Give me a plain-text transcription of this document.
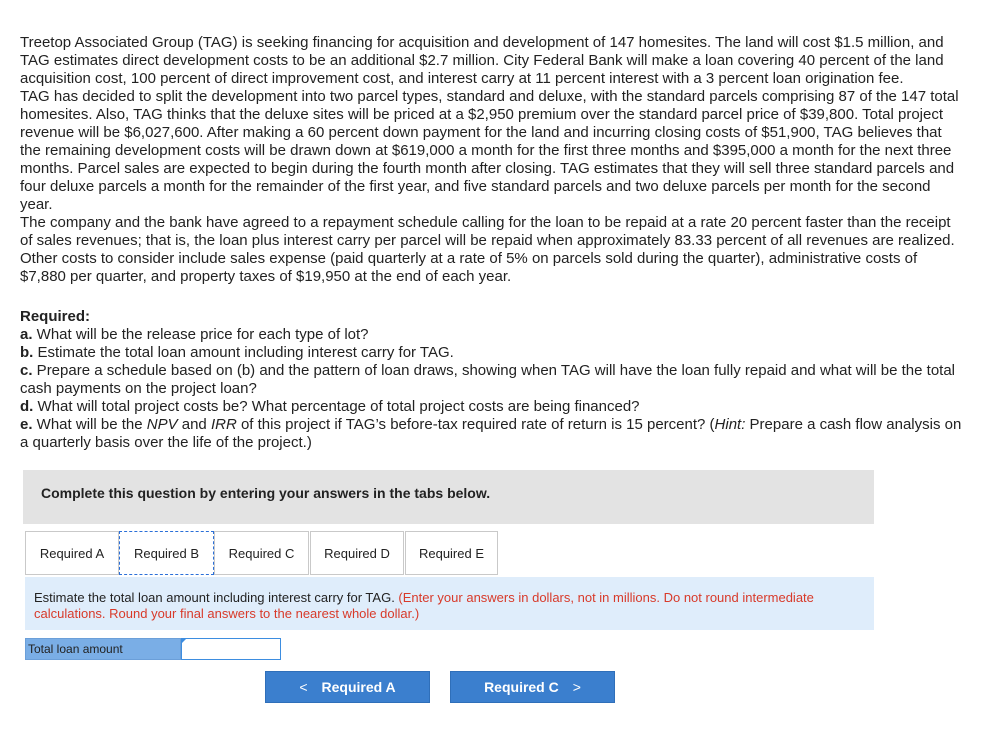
Treetop Associated Group (TAG) is seeking financing for acquisition and development of 147 homesites. The land will cost $1.5 million, and TAG estimates direct development costs to be an additional $2.7 million. City Federal Bank will make a loan covering 40 percent of the land acquisition cost, 100 percent of direct improvement cost, and interest carry at 11 percent interest with a 3 percent loan origination fee.

TAG has decided to split the development into two parcel types, standard and deluxe, with the standard parcels comprising 87 of the 147 total homesites. Also, TAG thinks that the deluxe sites will be priced at a $2,950 premium over the standard parcel price of $39,800. Total project revenue will be $6,027,600. After making a 60 percent down payment for the land and incurring closing costs of $51,900, TAG believes that the remaining development costs will be drawn down at $619,000 a month for the first three months and $395,000 a month for the next three months. Parcel sales are expected to begin during the fourth month after closing. TAG estimates that they will sell three standard parcels and four deluxe parcels a month for the remainder of the first year, and five standard parcels and two deluxe parcels per month for the second year.

The company and the bank have agreed to a repayment schedule calling for the loan to be repaid at a rate 20 percent faster than the receipt of sales revenues; that is, the loan plus interest carry per parcel will be repaid when approximately 83.33 percent of all revenues are realized. Other costs to consider include sales expense (paid quarterly at a rate of 5% on parcels sold during the quarter), administrative costs of $7,880 per quarter, and property taxes of $19,950 at the end of each year.

Required:

a. What will be the release price for each type of lot?

b. Estimate the total loan amount including interest carry for TAG.

c. Prepare a schedule based on (b) and the pattern of loan draws, showing when TAG will have the loan fully repaid and what will be the total cash payments on the project loan?

d. What will total project costs be? What percentage of total project costs are being financed?

e. What will be the NPV and IRR of this project if TAG’s before-tax required rate of return is 15 percent? (Hint: Prepare a cash flow analysis on a quarterly basis over the life of the project.)

Complete this question by entering your answers in the tabs below.
Required A	Required B	Required C	Required D	Required E
Estimate the total loan amount including interest carry for TAG. (Enter your answers in dollars, not in millions. Do not round intermediate calculations. Round your final answers to the nearest whole dollar.)
Total loan amount
< Required A	Required C >
